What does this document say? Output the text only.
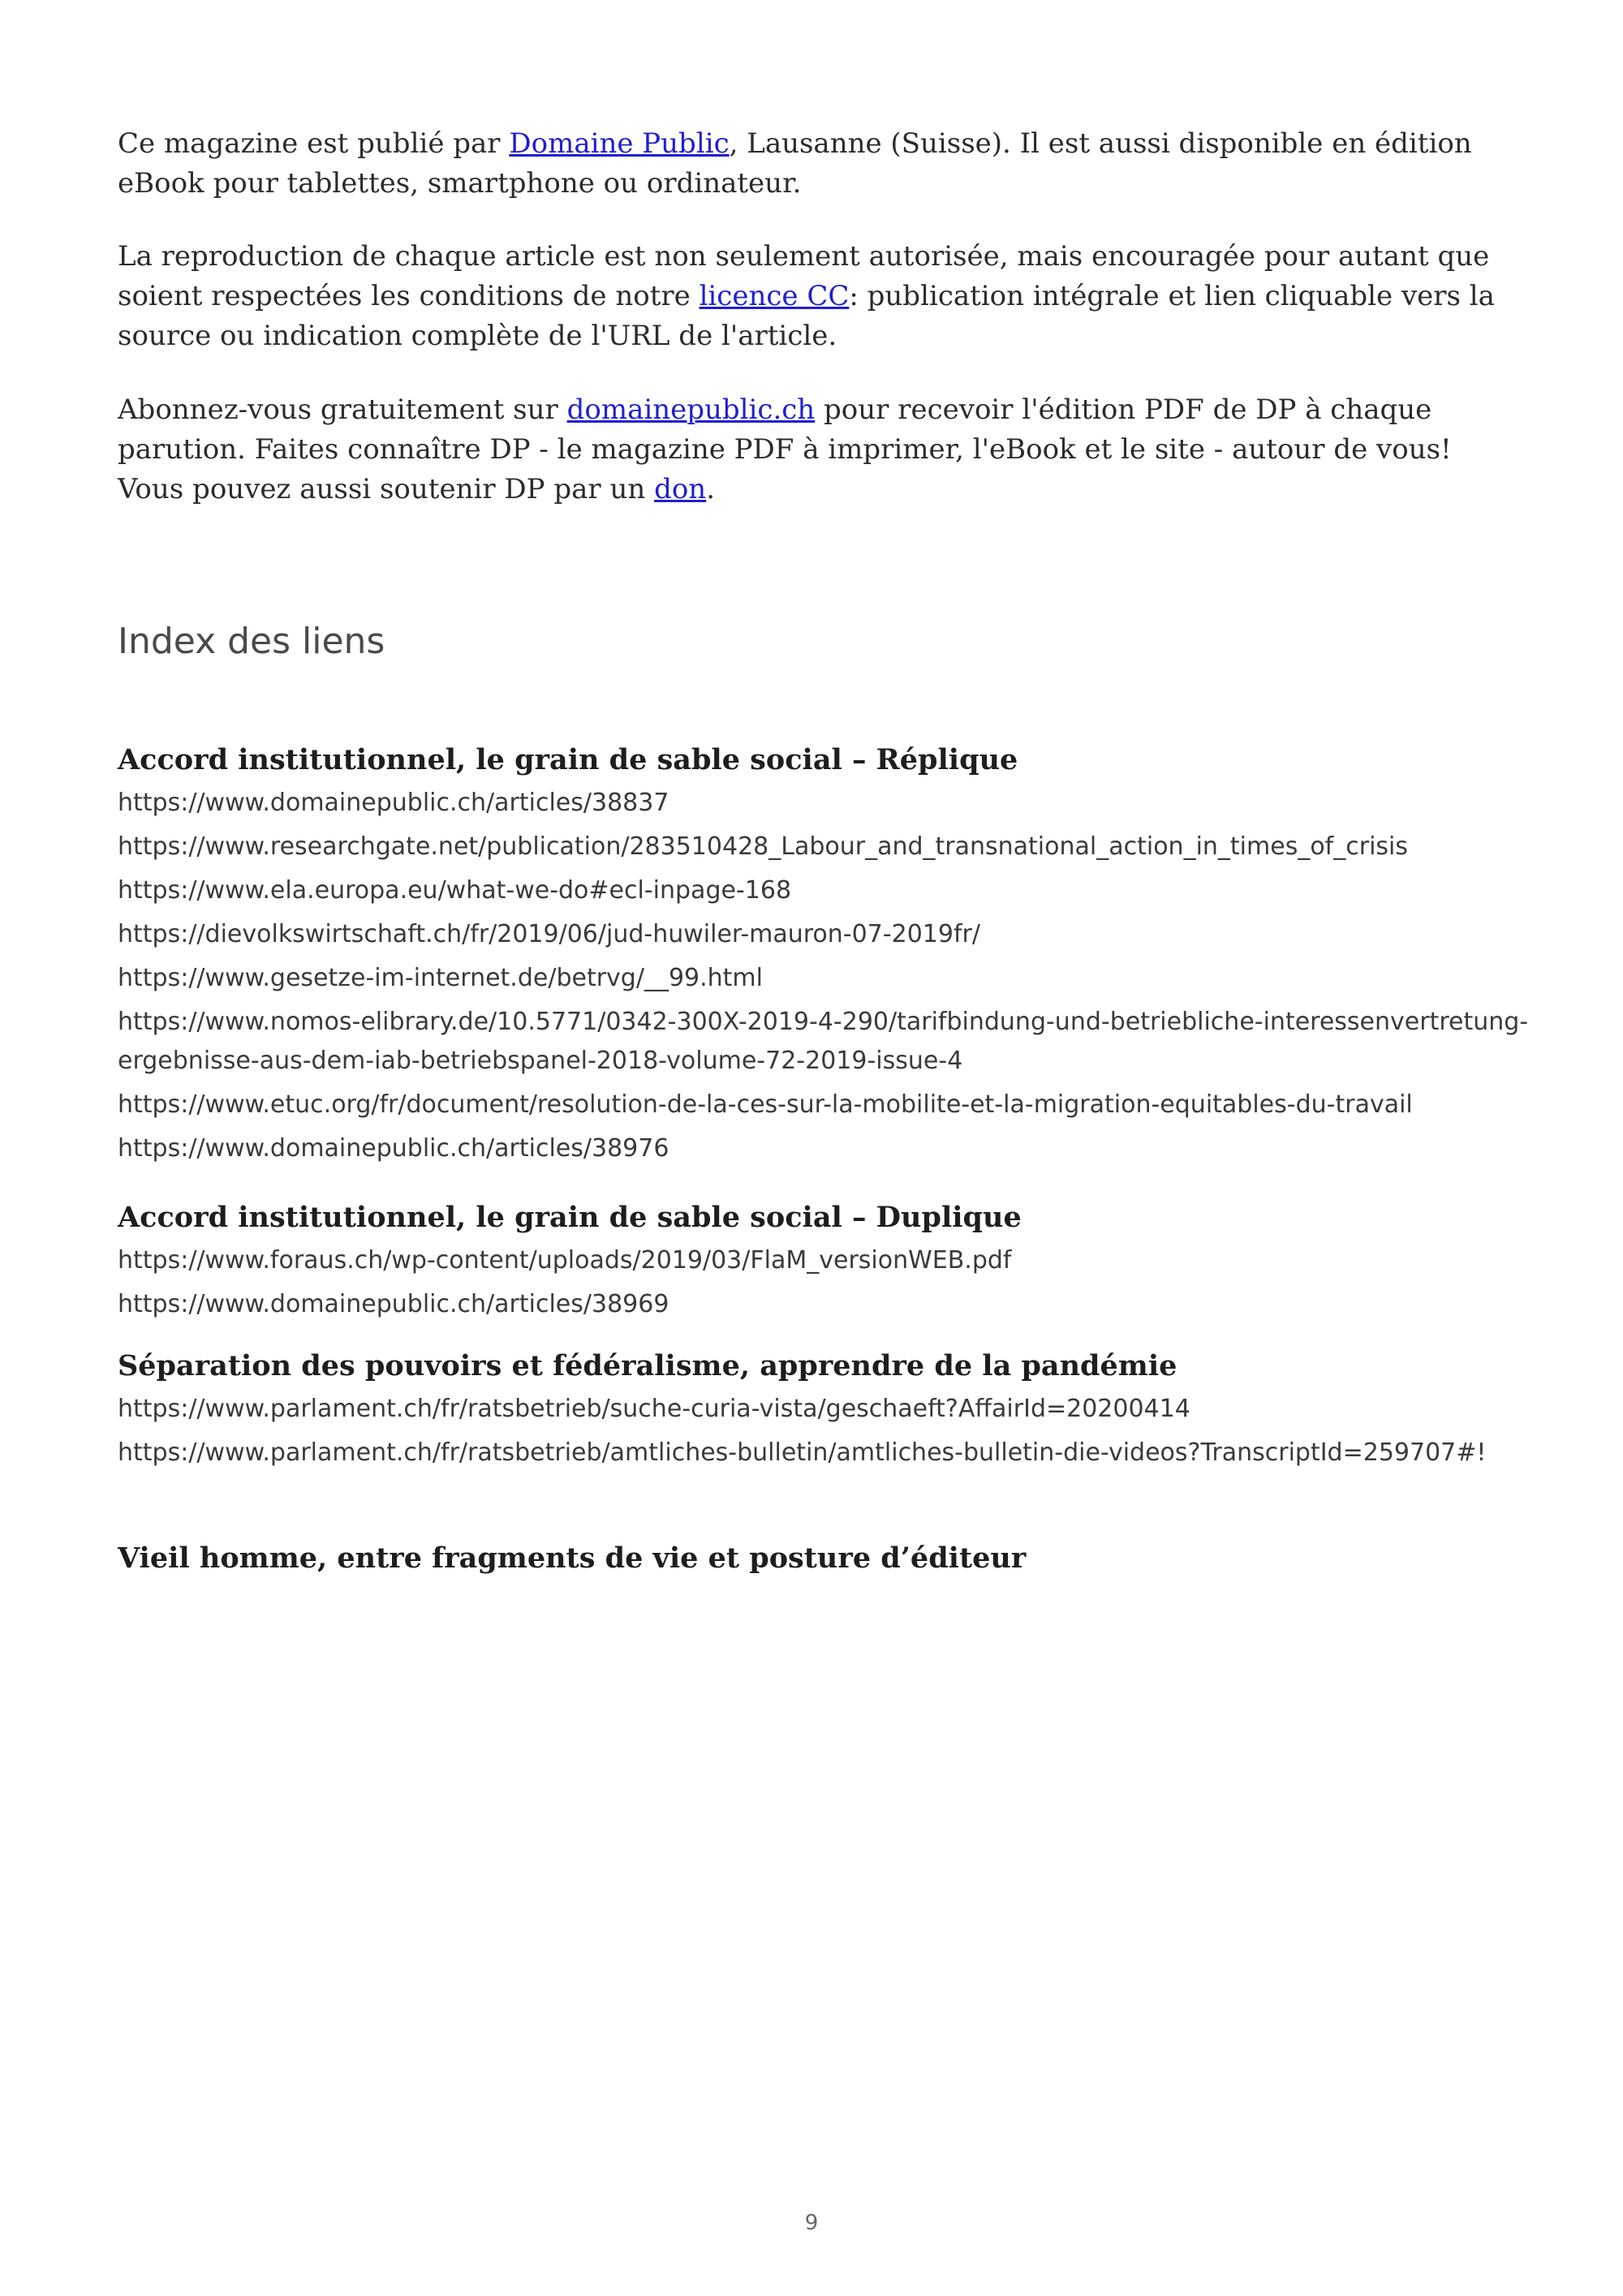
Ce magazine est publié par Domaine Public, Lausanne (Suisse). Il est aussi disponible en édition eBook pour tablettes, smartphone ou ordinateur.

La reproduction de chaque article est non seulement autorisée, mais encouragée pour autant que soient respectées les conditions de notre licence CC: publication intégrale et lien cliquable vers la source ou indication complète de l'URL de l'article.

Abonnez-vous gratuitement sur domainepublic.ch pour recevoir l'édition PDF de DP à chaque parution. Faites connaître DP - le magazine PDF à imprimer, l'eBook et le site - autour de vous! Vous pouvez aussi soutenir DP par un don.

Index des liens
Accord institutionnel, le grain de sable social – Réplique
https://www.domainepublic.ch/articles/38837
https://www.researchgate.net/publication/283510428_Labour_and_transnational_action_in_times_of_crisis
https://www.ela.europa.eu/what-we-do#ecl-inpage-168
https://dievolkswirtschaft.ch/fr/2019/06/jud-huwiler-mauron-07-2019fr/
https://www.gesetze-im-internet.de/betrvg/__99.html
https://www.nomos-elibrary.de/10.5771/0342-300X-2019-4-290/tarifbindung-und-betriebliche-interessenvertretung-ergebnisse-aus-dem-iab-betriebspanel-2018-volume-72-2019-issue-4
https://www.etuc.org/fr/document/resolution-de-la-ces-sur-la-mobilite-et-la-migration-equitables-du-travail
https://www.domainepublic.ch/articles/38976
Accord institutionnel, le grain de sable social – Duplique
https://www.foraus.ch/wp-content/uploads/2019/03/FlaM_versionWEB.pdf
https://www.domainepublic.ch/articles/38969
Séparation des pouvoirs et fédéralisme, apprendre de la pandémie
https://www.parlament.ch/fr/ratsbetrieb/suche-curia-vista/geschaeft?AffairId=20200414
https://www.parlament.ch/fr/ratsbetrieb/amtliches-bulletin/amtliches-bulletin-die-videos?TranscriptId=259707#!
Vieil homme, entre fragments de vie et posture d’éditeur
9
